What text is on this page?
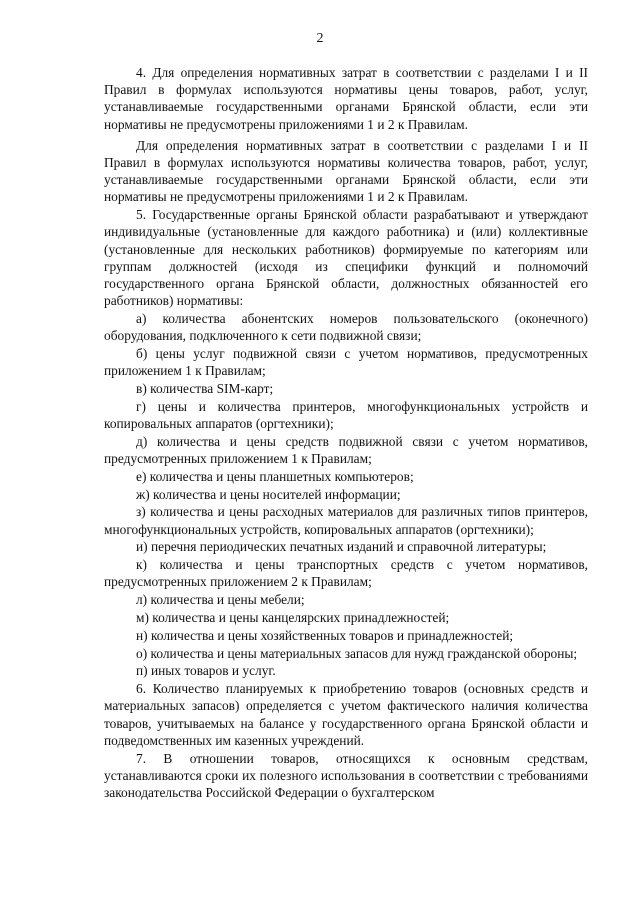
2

4. Для определения нормативных затрат в соответствии с разделами I и II Правил в формулах используются нормативы цены товаров, работ, услуг, устанавливаемые государственными органами Брянской области, если эти нормативы не предусмотрены приложениями 1 и 2 к Правилам.

Для определения нормативных затрат в соответствии с разделами I и II Правил в формулах используются нормативы количества товаров, работ, услуг, устанавливаемые государственными органами Брянской области, если эти нормативы не предусмотрены приложениями 1 и 2 к Правилам.

5. Государственные органы Брянской области разрабатывают и утверждают индивидуальные (установленные для каждого работника) и (или) коллективные (установленные для нескольких работников) формируемые по категориям или группам должностей (исходя из специфики функций и полномочий государственного органа Брянской области, должностных обязанностей его работников) нормативы:

а) количества абонентских номеров пользовательского (оконечного) оборудования, подключенного к сети подвижной связи;

б) цены услуг подвижной связи с учетом нормативов, предусмотренных приложением 1 к Правилам;

в) количества SIM-карт;

г) цены и количества принтеров, многофункциональных устройств и копировальных аппаратов (оргтехники);

д) количества и цены средств подвижной связи с учетом нормативов, предусмотренных приложением 1 к Правилам;

е) количества и цены планшетных компьютеров;

ж) количества и цены носителей информации;

з) количества и цены расходных материалов для различных типов принтеров, многофункциональных устройств, копировальных аппаратов (оргтехники);

и) перечня периодических печатных изданий и справочной литературы;

к) количества и цены транспортных средств с учетом нормативов, предусмотренных приложением 2 к Правилам;

л) количества и цены мебели;

м) количества и цены канцелярских принадлежностей;

н) количества и цены хозяйственных товаров и принадлежностей;

о) количества и цены материальных запасов для нужд гражданской обороны;

п) иных товаров и услуг.

6. Количество планируемых к приобретению товаров (основных средств и материальных запасов) определяется с учетом фактического наличия количества товаров, учитываемых на балансе у государственного органа Брянской области и подведомственных им казенных учреждений.

7. В отношении товаров, относящихся к основным средствам, устанавливаются сроки их полезного использования в соответствии с требованиями законодательства Российской Федерации о бухгалтерском
